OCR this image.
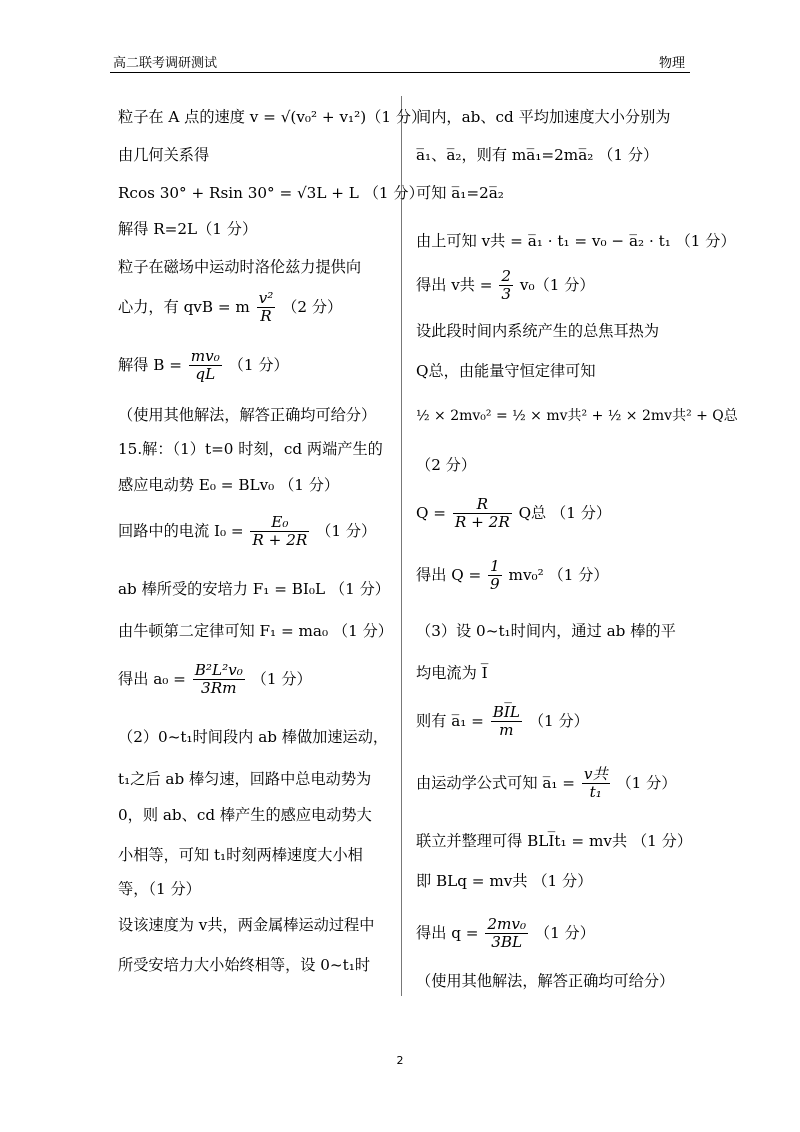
高二联考调研测试	物理
粒子在 A 点的速度 v = √(v₀² + v₁²)（1 分）
由几何关系得
Rcos 30° + Rsin 30° = √3L + L （1 分）
解得 R=2L（1 分）
粒子在磁场中运动时洛伦兹力提供向
心力，有 qvB = m $\frac{\text{v²}}{R} (2$ 分）
解得 $B = \frac{\text{mv₀}}{qL} (1$ 分）
（使用其他解法，解答正确均可给分）
15.解：（1）t=0 时刻，cd 两端产生的
感应电动势 E₀ = BLv₀ （1 分）
回路中的电流 $I_0 = \frac{\text{E₀}}{R + 2R} (1$ 分）
ab 棒所受的安培力 F₁ = BI₀L （1 分）
由牛顿第二定律可知 F₁ = ma₀ （1 分）
得出 $a_0 = \frac{\text{B²L²v₀}}{3Rm} (1$ 分）
（2）0~t₁时间段内 ab 棒做加速运动，
t₁之后 ab 棒匀速，回路中总电动势为
0，则 ab、cd 棒产生的感应电动势大
小相等，可知 t₁时刻两棒速度大小相
等，（1 分）
设该速度为 v共，两金属棒运动过程中
所受安培力大小始终相等，设 0~t₁时
间内，ab、cd 平均加速度大小分别为
a̅₁、a̅₂，则有 ma̅₁=2ma̅₂ （1 分）
可知 a̅₁=2a̅₂
由上可知 v共 = a̅₁ · t₁ = v₀ − a̅₂ · t₁ （1 分）
得出 v共 = $\frac{2}{3} v_0(1$ 分）
设此段时间内系统产生的总焦耳热为
Q总，由能量守恒定律可知
½ × 2mv₀² = ½ × mv共² + ½ × 2mv共² + Q总
（2 分）
$Q = \frac{R}{R + 2R}$ Q总 （1 分）
得出 $Q = \frac{1}{9} mv_0^2$ （1 分）
（3）设 0~t₁时间内，通过 ab 棒的平
均电流为 I̅
则有 a̅₁ = $\frac{BI̅L}{m} (1$ 分）
由运动学公式可知 a̅₁ = $\frac{\text{v共}}{\text{t₁}} (1$ 分）
联立并整理可得 BLI̅t₁ = mv共 （1 分）
即 BLq = mv共 （1 分）
得出 $q = \frac{\text{2mv₀}}{3BL} (1$ 分）
（使用其他解法，解答正确均可给分）
2
